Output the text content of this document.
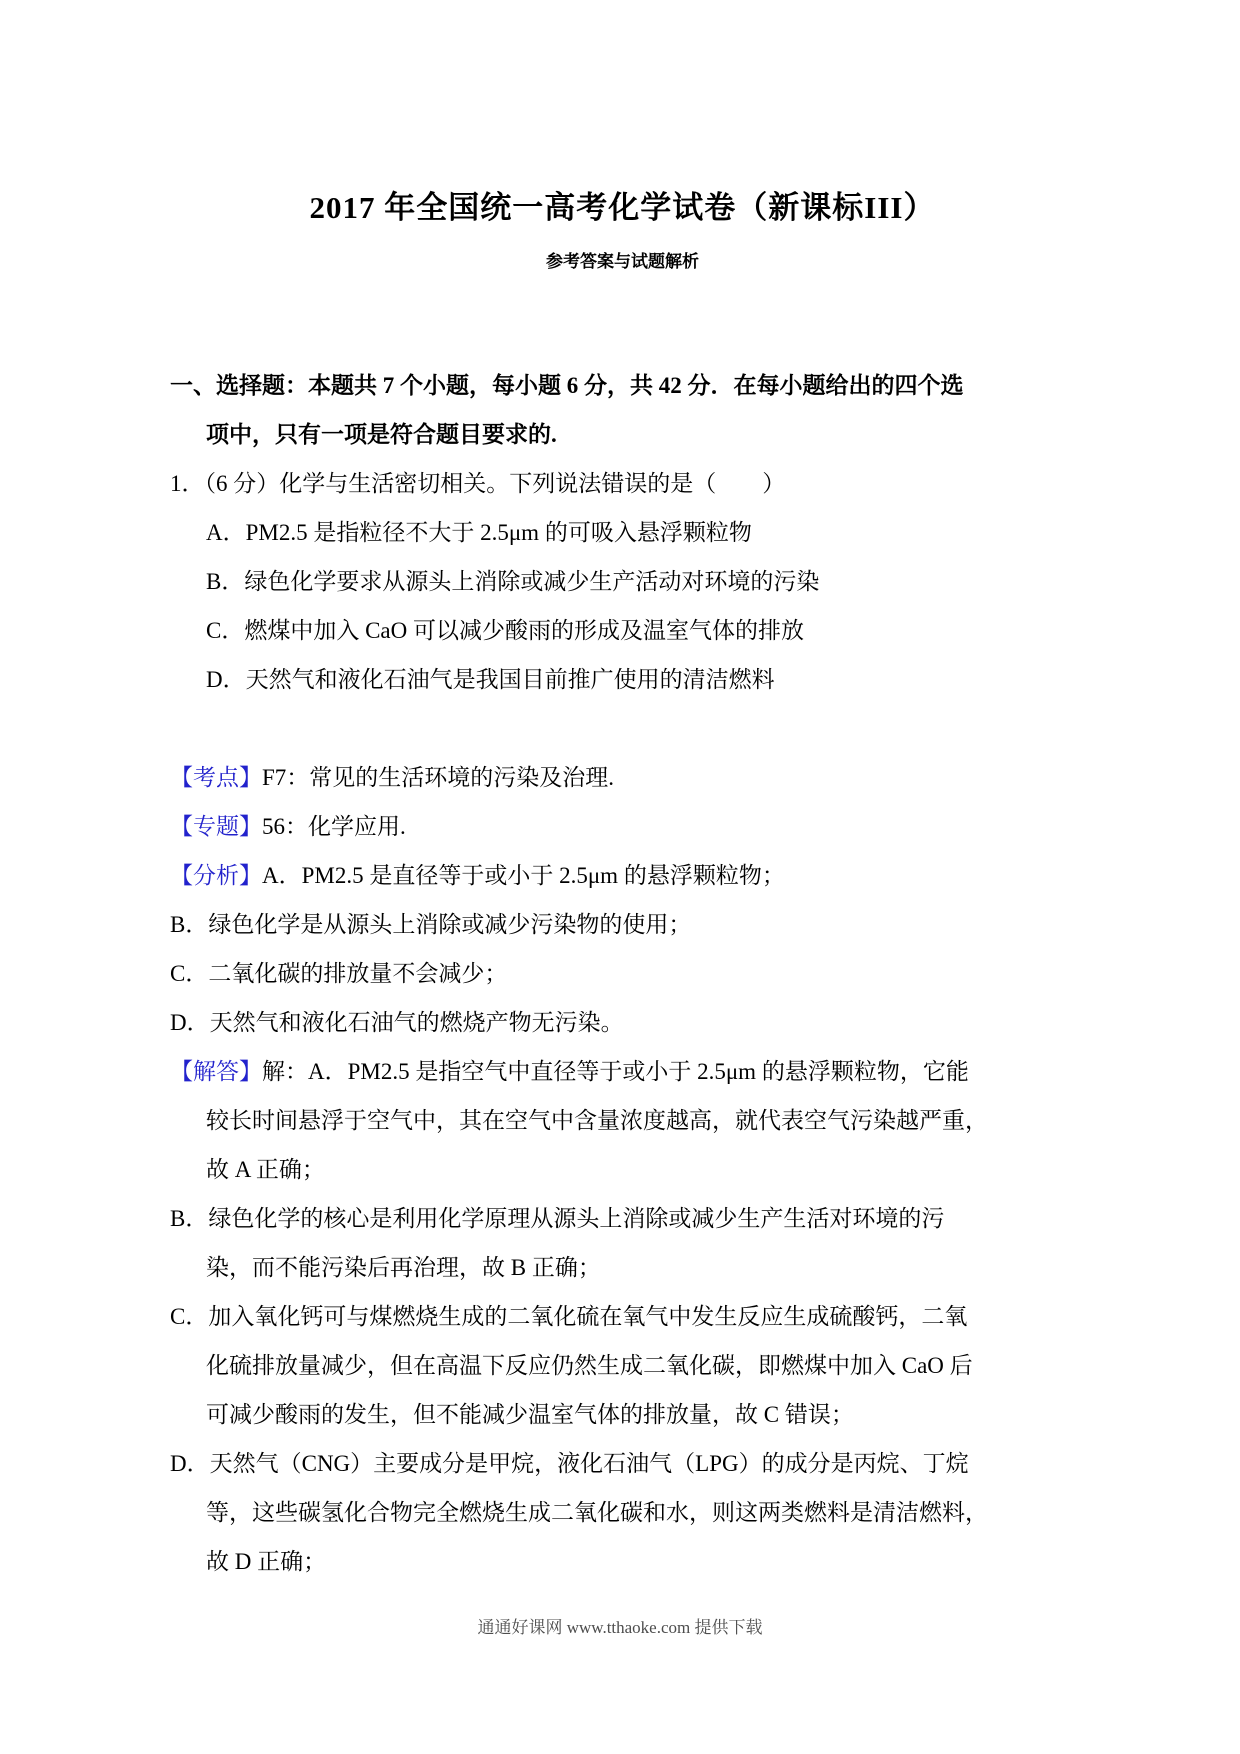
2017 年全国统一高考化学试卷（新课标III）
参考答案与试题解析
一、选择题：本题共 7 个小题，每小题 6 分，共 42 分．在每小题给出的四个选
项中，只有一项是符合题目要求的.
1．（6 分）化学与生活密切相关。下列说法错误的是（　　）
A．PM2.5 是指粒径不大于 2.5μm 的可吸入悬浮颗粒物
B．绿色化学要求从源头上消除或减少生产活动对环境的污染
C．燃煤中加入 CaO 可以减少酸雨的形成及温室气体的排放
D．天然气和液化石油气是我国目前推广使用的清洁燃料
【考点】F7：常见的生活环境的污染及治理.
【专题】56：化学应用.
【分析】A．PM2.5 是直径等于或小于 2.5μm 的悬浮颗粒物；
B．绿色化学是从源头上消除或减少污染物的使用；
C．二氧化碳的排放量不会减少；
D．天然气和液化石油气的燃烧产物无污染。
【解答】解：A．PM2.5 是指空气中直径等于或小于 2.5μm 的悬浮颗粒物，它能
较长时间悬浮于空气中，其在空气中含量浓度越高，就代表空气污染越严重，
故 A 正确；
B．绿色化学的核心是利用化学原理从源头上消除或减少生产生活对环境的污
染，而不能污染后再治理，故 B 正确；
C．加入氧化钙可与煤燃烧生成的二氧化硫在氧气中发生反应生成硫酸钙，二氧
化硫排放量减少，但在高温下反应仍然生成二氧化碳，即燃煤中加入 CaO 后
可减少酸雨的发生，但不能减少温室气体的排放量，故 C 错误；
D．天然气（CNG）主要成分是甲烷，液化石油气（LPG）的成分是丙烷、丁烷
等，这些碳氢化合物完全燃烧生成二氧化碳和水，则这两类燃料是清洁燃料，
故 D 正确；
通通好课网 www.tthaoke.com 提供下载
